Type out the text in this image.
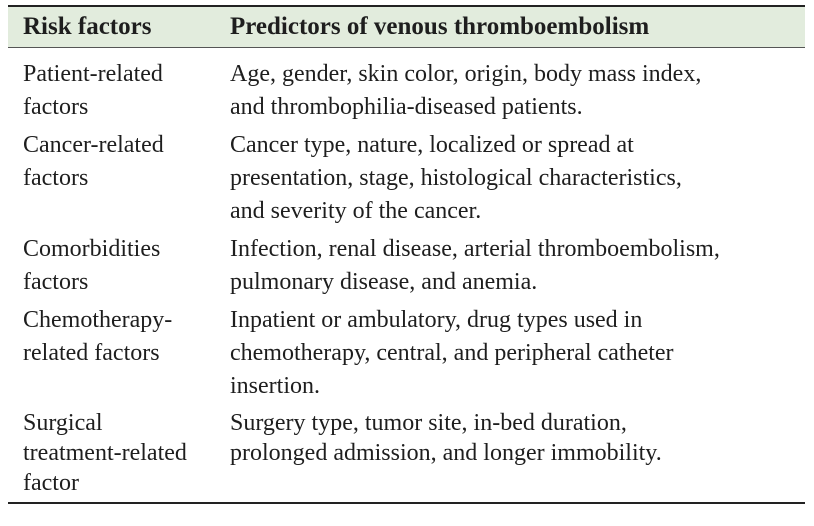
Risk factors	Predictors of venous thromboembolism
Patient-related
factors
Age, gender, skin color, origin, body mass index,
and thrombophilia-diseased patients.
Cancer-related
factors
Cancer type, nature, localized or spread at
presentation, stage, histological characteristics,
and severity of the cancer.
Comorbidities
factors
Infection, renal disease, arterial thromboembolism,
pulmonary disease, and anemia.
Chemotherapy-
related factors
Inpatient or ambulatory, drug types used in
chemotherapy, central, and peripheral catheter
insertion.
Surgical
treatment-related
factor
Surgery type, tumor site, in-bed duration,
prolonged admission, and longer immobility.
